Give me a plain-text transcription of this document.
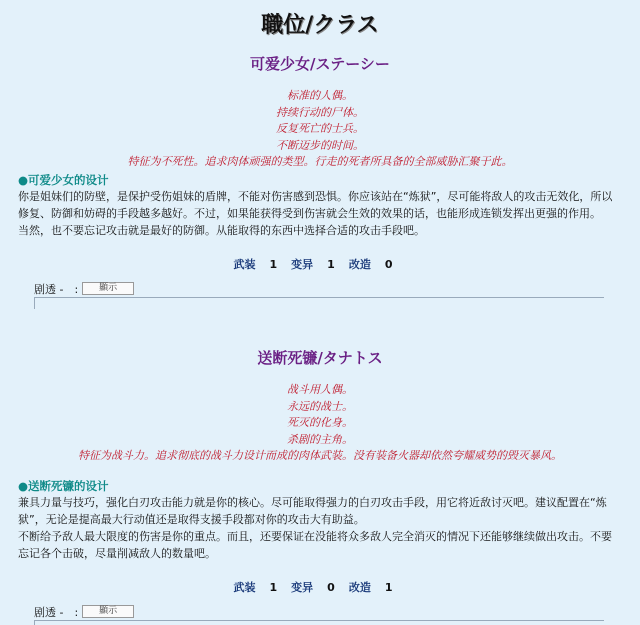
職位/クラス
可爱少女/ステーシー

标准的人偶。

持续行动的尸体。

反复死亡的士兵。

不断迈步的时间。

特征为不死性。追求肉体顽强的类型。行走的死者所具备的全部威胁汇聚于此。

●可爱少女的设计

你是姐妹们的防壁，是保护受伤姐妹的盾牌，不能对伤害感到恐惧。你应该站在“炼狱”，尽可能将敌人的攻击无效化，所以修复、防御和妨碍的手段越多越好。不过，如果能获得受到伤害就会生效的效果的话，也能形成连锁发挥出更强的作用。

当然，也不要忘记攻击就是最好的防御。从能取得的东西中选择合适的攻击手段吧。

武装 1 变异 1 改造 0
剧透 -　:	顯示
送断死镰/タナトス

战斗用人偶。

永远的战士。

死灭的化身。

杀剧的主角。

特征为战斗力。追求彻底的战斗力设计而成的肉体武装。没有装备火器却依然夸耀威势的毁灭暴风。

●送断死镰的设计

兼具力量与技巧，强化白刃攻击能力就是你的核心。尽可能取得强力的白刃攻击手段，用它将近敌讨灭吧。建议配置在“炼狱”，无论是提高最大行动值还是取得支援手段都对你的攻击大有助益。

不断给予敌人最大限度的伤害是你的重点。而且，还要保证在没能将众多敌人完全消灭的情况下还能够继续做出攻击。不要忘记各个击破，尽量削减敌人的数量吧。

武装 1 变异 0 改造 1
剧透 -　:	顯示
